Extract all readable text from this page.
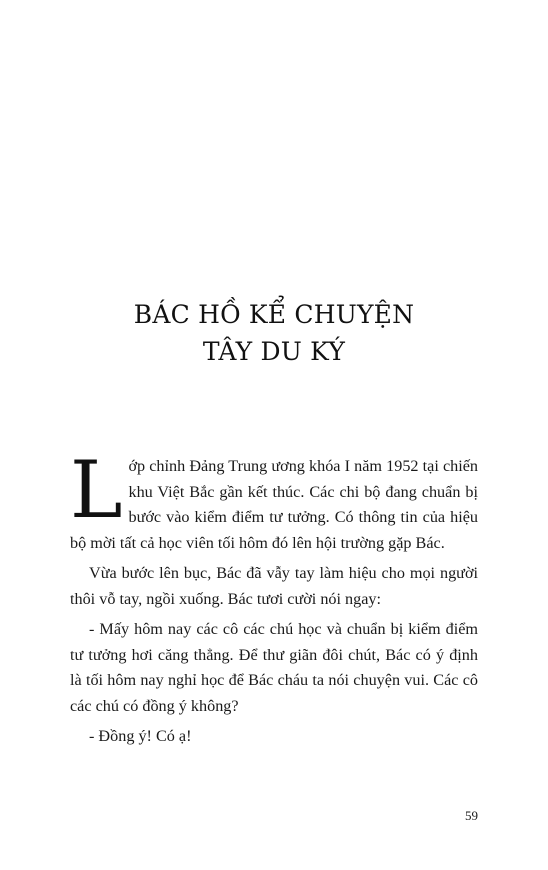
BÁC HỒ KỂ CHUYỆN
TÂY DU KÝ

Lớp chỉnh Đảng Trung ương khóa I năm 1952 tại chiến khu Việt Bắc gần kết thúc. Các chi bộ đang chuẩn bị bước vào kiểm điểm tư tưởng. Có thông tin của hiệu bộ mời tất cả học viên tối hôm đó lên hội trường gặp Bác.

Vừa bước lên bục, Bác đã vẫy tay làm hiệu cho mọi người thôi vỗ tay, ngồi xuống. Bác tươi cười nói ngay:

- Mấy hôm nay các cô các chú học và chuẩn bị kiểm điểm tư tưởng hơi căng thẳng. Để thư giãn đôi chút, Bác có ý định là tối hôm nay nghỉ học để Bác cháu ta nói chuyện vui. Các cô các chú có đồng ý không?

- Đồng ý! Có ạ!

59
